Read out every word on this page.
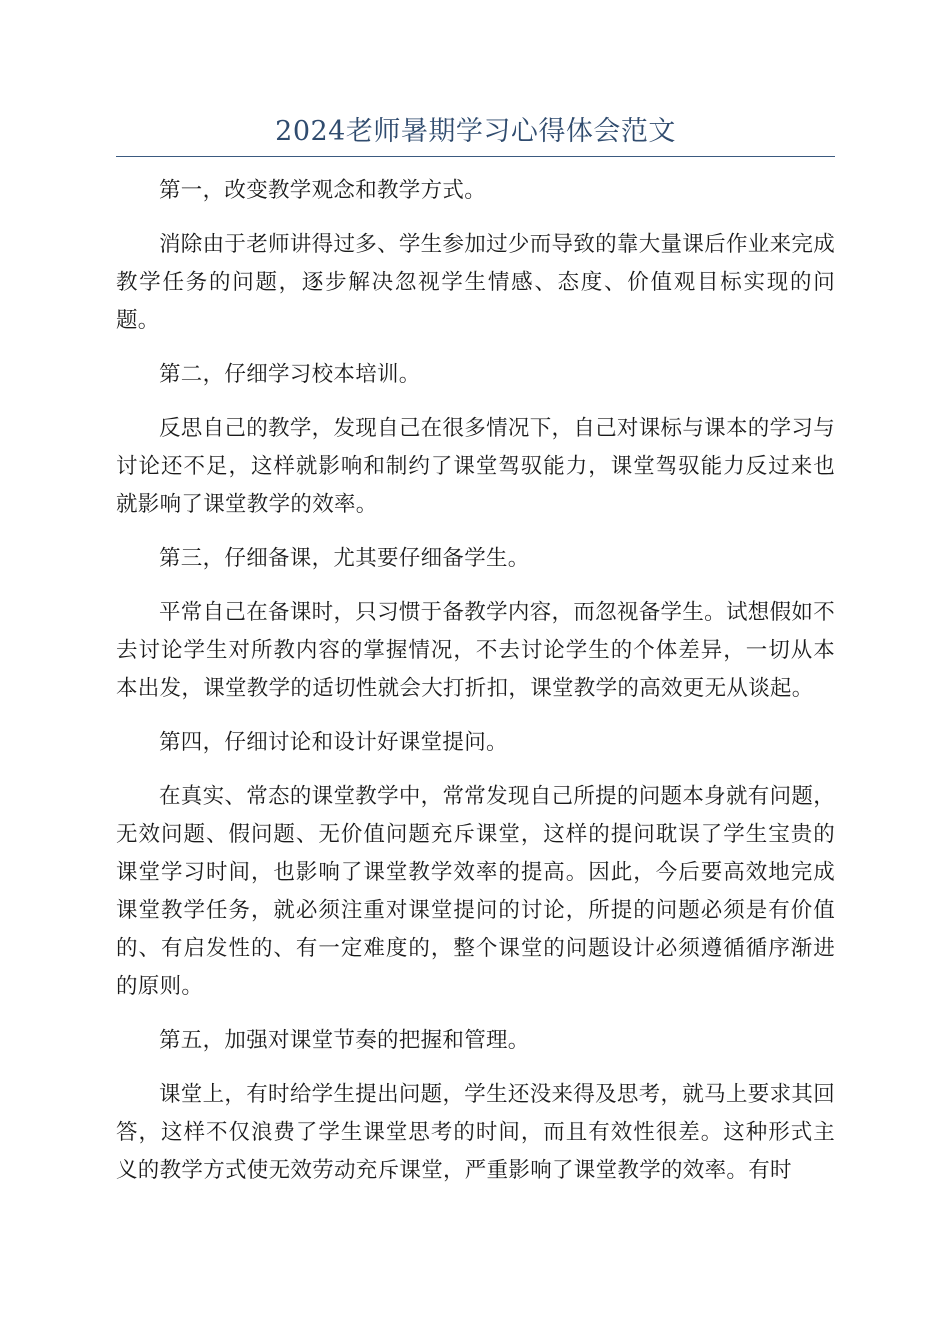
2024老师暑期学习心得体会范文

第一，改变教学观念和教学方式。

消除由于老师讲得过多、学生参加过少而导致的靠大量课后作业来完成教学任务的问题，逐步解决忽视学生情感、态度、价值观目标实现的问题。

第二，仔细学习校本培训。

反思自己的教学，发现自己在很多情况下，自己对课标与课本的学习与讨论还不足，这样就影响和制约了课堂驾驭能力，课堂驾驭能力反过来也就影响了课堂教学的效率。

第三，仔细备课，尤其要仔细备学生。

平常自己在备课时，只习惯于备教学内容，而忽视备学生。试想假如不去讨论学生对所教内容的掌握情况，不去讨论学生的个体差异，一切从本本出发，课堂教学的适切性就会大打折扣，课堂教学的高效更无从谈起。

第四，仔细讨论和设计好课堂提问。

在真实、常态的课堂教学中，常常发现自己所提的问题本身就有问题，无效问题、假问题、无价值问题充斥课堂，这样的提问耽误了学生宝贵的课堂学习时间，也影响了课堂教学效率的提高。因此，今后要高效地完成课堂教学任务，就必须注重对课堂提问的讨论，所提的问题必须是有价值的、有启发性的、有一定难度的，整个课堂的问题设计必须遵循循序渐进的原则。

第五，加强对课堂节奏的把握和管理。

课堂上，有时给学生提出问题，学生还没来得及思考，就马上要求其回答，这样不仅浪费了学生课堂思考的时间，而且有效性很差。这种形式主义的教学方式使无效劳动充斥课堂，严重影响了课堂教学的效率。有时
